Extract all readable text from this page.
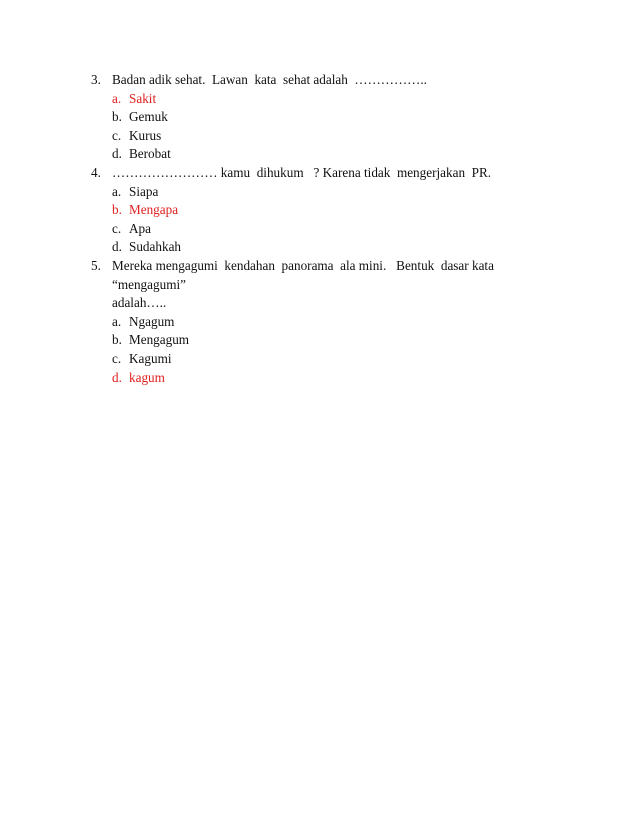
3. Badan adik sehat.  Lawan  kata  sehat adalah  ……………..
a. Sakit
b. Gemuk
c. Kurus
d. Berobat
4. …………………… kamu  dihukum   ? Karena tidak  mengerjakan  PR.
a. Siapa
b. Mengapa
c. Apa
d. Sudahkah
5. Mereka mengagumi  kendahan  panorama  ala mini.   Bentuk  dasar kata  “mengagumi”
adalah…..
a. Ngagum
b. Mengagum
c. Kagumi
d. kagum
